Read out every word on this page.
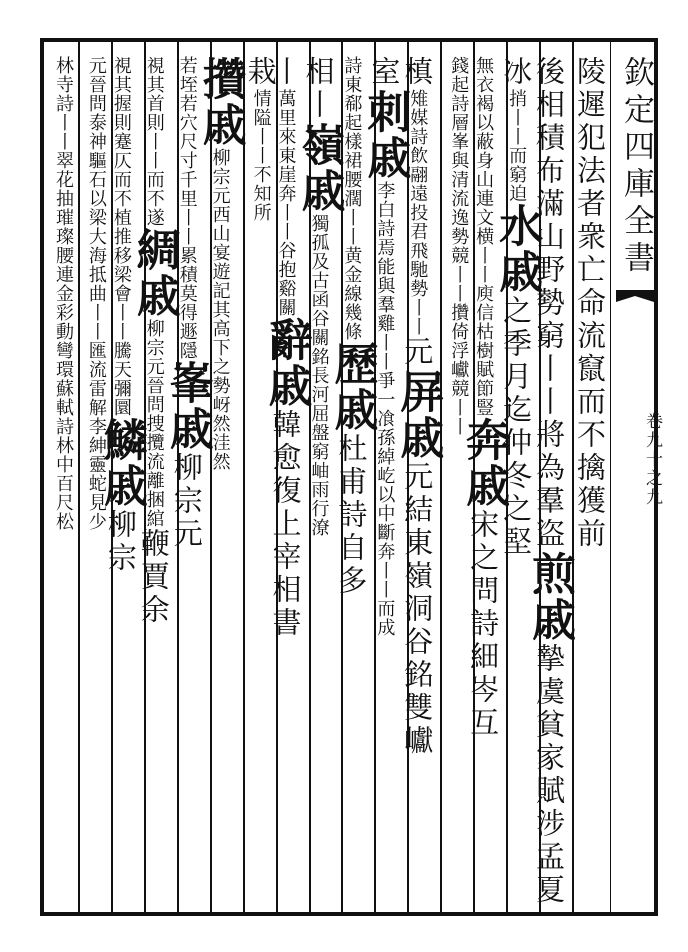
欽定四庫全書
卷九十之九
陵遲犯法者衆亡命流竄而不擒獲前
後相積布滿山野勢窮丨丨將為羣盜煎戚摯虞貧家賦涉孟夏
冰捎丨丨而窮迫水戚之季月迄仲冬之堅
無衣褐以蔽身山連文横丨丨庾信枯樹賦節豎奔戚宋之問詩細岑互
錢起詩層峯與清流逸勢競丨丨攢倚浮巘競丨丨
槙雉媒詩飲翮遠投君飛馳勢丨丨元屏戚元結東嶺洞谷銘雙巘
室刺戚李白詩焉能與羣雞丨丨爭一飡孫綽屹以中斷奔丨丨而成
詩東郗起樣裙腰濶丨丨黄金線幾條歷戚杜甫詩自多
相丨嶺戚獨孤及古函谷關銘長河屈盤窮岫雨行潦
丨萬里來東崖奔丨丨谷抱谿關辭戚韓愈復上宰相書
栽情隘丨丨不知所
攢戚柳宗元西山宴遊記其高下之勢岈然洼然
若垤若穴尺寸千里丨丨累積莫得遯隱峯戚柳宗元
視其首則丨丨而不遂綢戚柳宗元晉問捜攬流離捆綰鞭賈余
視其握則蹇仄而不植推移梁會丨丨騰天彌圜鱗戚柳宗
元晉問泰神驅石以梁大海抵曲丨丨匯流雷解李紳靈蛇見少
林寺詩丨丨翠花抽璀璨腰連金彩動彎環蘇軾詩林中百尺松
